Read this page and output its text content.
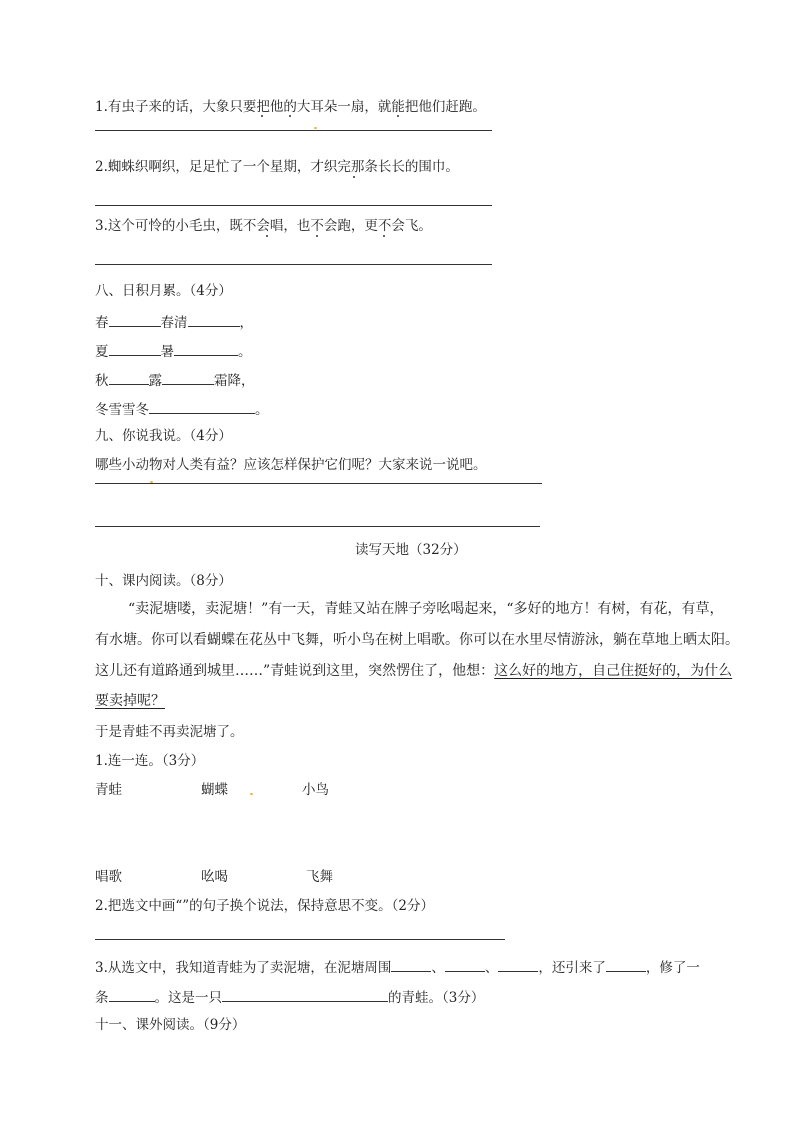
1.有虫子来的话，大象只要把他的大耳朵一扇，就能把他们赶跑。
2.蜘蛛织啊织，足足忙了一个星期，才织完那条长长的围巾。
3.这个可怜的小毛虫，既不会唱，也不会跑，更不会飞。
八、日积月累。（4分）
春	春清	，
夏	暑	。
秋	露	霜降，
冬雪雪冬	。
九、你说我说。（4分）
哪些小动物对人类有益？应该怎样保护它们呢？大家来说一说吧。
读写天地（32分）
十、课内阅读。（8分）
“卖泥塘喽，卖泥塘！”有一天，青蛙又站在牌子旁吆喝起来，“多好的地方！有树，有花，有草，
有水塘。你可以看蝴蝶在花丛中飞舞，听小鸟在树上唱歌。你可以在水里尽情游泳，躺在草地上晒太阳。
这儿还有道路通到城里……”青蛙说到这里，突然愣住了，他想：这么好的地方，自己住挺好的，为什么
要卖掉呢？
于是青蛙不再卖泥塘了。
1.连一连。（3分）
青蛙	蝴蝶	小鸟
唱歌	吆喝	飞舞
2.把选文中画“”的句子换个说法，保持意思不变。（2分）
3.从选文中，我知道青蛙为了卖泥塘，在泥塘周围	、	、	，还引来了	，修了一
条	。这是一只	的青蛙。（3分）
十一、课外阅读。（9分）
